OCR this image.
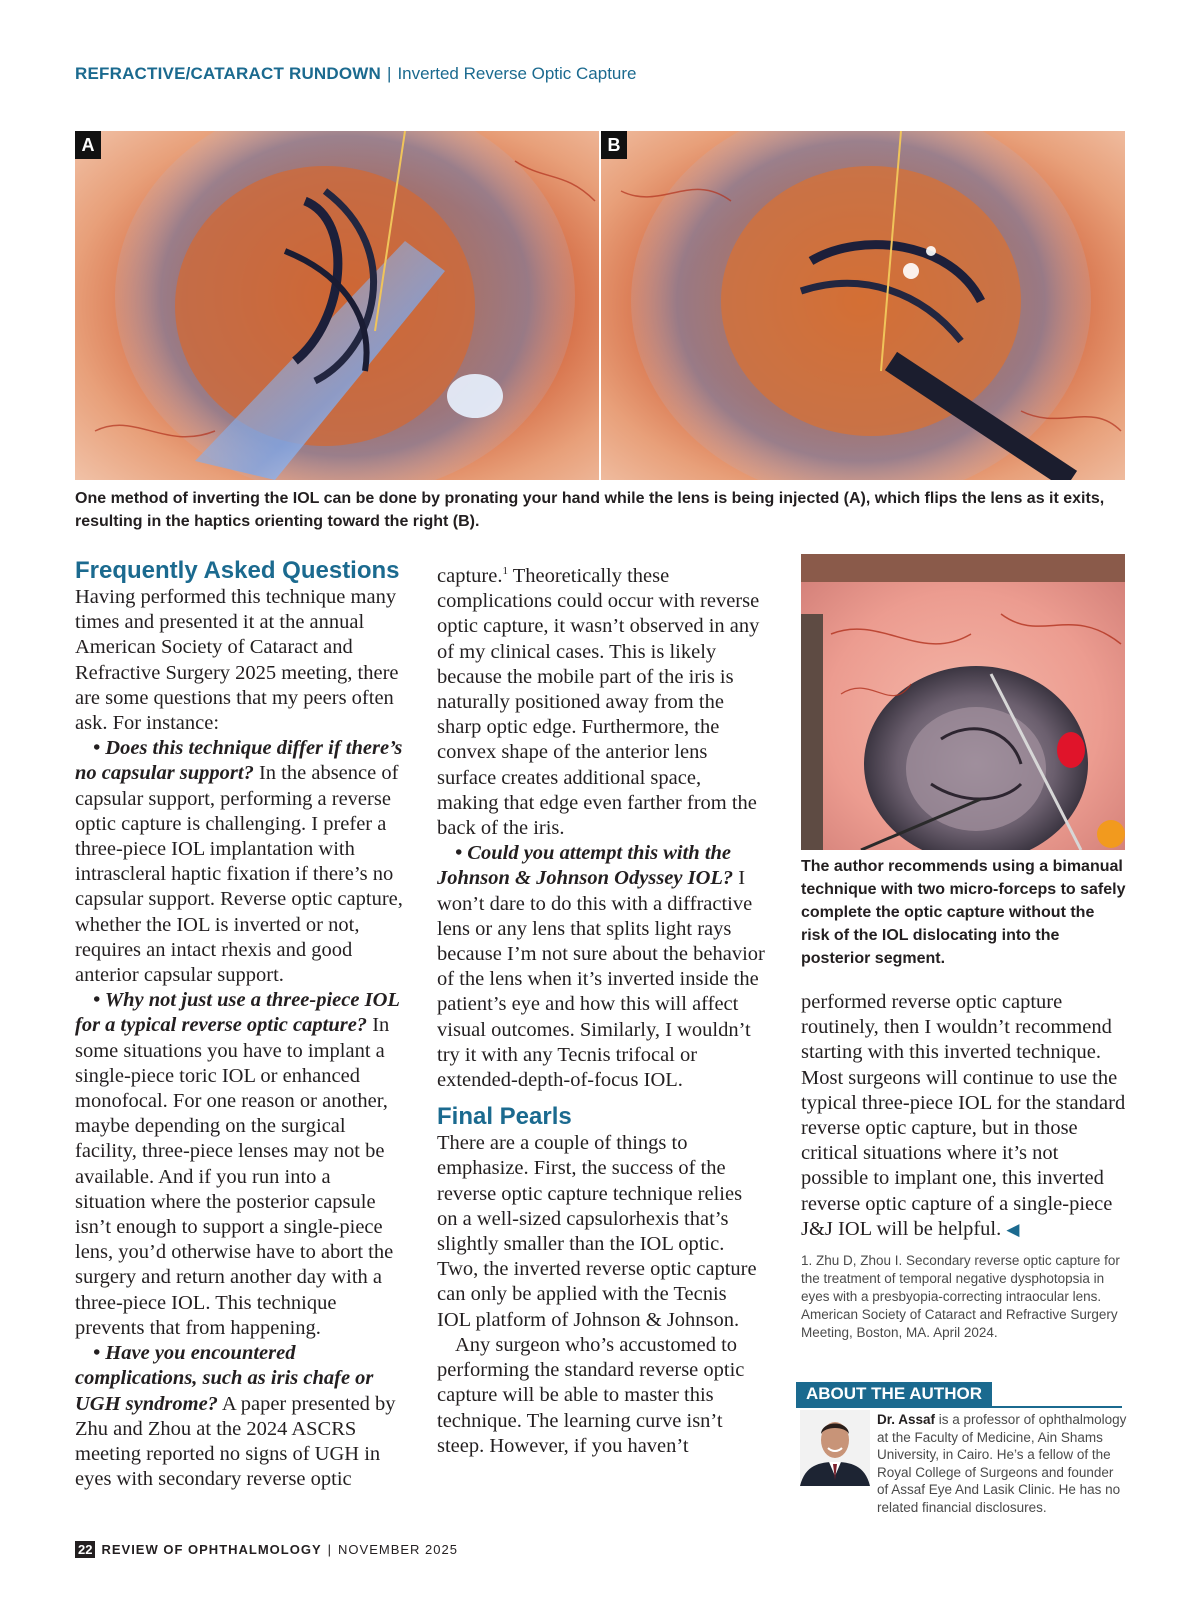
REFRACTIVE/CATARACT RUNDOWN | Inverted Reverse Optic Capture
A	B
One method of inverting the IOL can be done by pronating your hand while the lens is being injected (A), which flips the lens as it exits, resulting in the haptics orienting toward the right (B).
Frequently Asked Questions

Having performed this technique many times and presented it at the annual American Society of Cataract and Refractive Surgery 2025 meeting, there are some questions that my peers often ask. For instance:

• Does this technique differ if there’s no capsular support? In the absence of capsular support, performing a reverse optic capture is challenging. I prefer a three-piece IOL implantation with intrascleral haptic fixation if there’s no capsular support. Reverse optic capture, whether the IOL is inverted or not, requires an intact rhexis and good anterior capsular support.

• Why not just use a three-piece IOL for a typical reverse optic capture? In some situations you have to implant a single-piece toric IOL or enhanced monofocal. For one reason or another, maybe depending on the surgical facility, three-piece lenses may not be available. And if you run into a situation where the posterior capsule isn’t enough to support a single-piece lens, you’d otherwise have to abort the surgery and return another day with a three-piece IOL. This technique prevents that from happening.

• Have you encountered complications, such as iris chafe or UGH syndrome? A paper presented by Zhu and Zhou at the 2024 ASCRS meeting reported no signs of UGH in eyes with secondary reverse optic

capture.$^1$ Theoretically these complications could occur with reverse optic capture, it wasn’t observed in any of my clinical cases. This is likely because the mobile part of the iris is naturally positioned away from the sharp optic edge. Furthermore, the convex shape of the anterior lens surface creates additional space, making that edge even farther from the back of the iris.

• Could you attempt this with the Johnson & Johnson Odyssey IOL? I won’t dare to do this with a diffractive lens or any lens that splits light rays because I’m not sure about the behavior of the lens when it’s inverted inside the patient’s eye and how this will affect visual outcomes. Similarly, I wouldn’t try it with any Tecnis trifocal or extended-depth-of-focus IOL.

Final Pearls

There are a couple of things to emphasize. First, the success of the reverse optic capture technique relies on a well-sized capsulorhexis that’s slightly smaller than the IOL optic. Two, the inverted reverse optic capture can only be applied with the Tecnis IOL platform of Johnson & Johnson.

Any surgeon who’s accustomed to performing the standard reverse optic capture will be able to master this technique. The learning curve isn’t steep. However, if you haven’t

The author recommends using a bimanual technique with two micro-forceps to safely complete the optic capture without the risk of the IOL dislocating into the posterior segment.

performed reverse optic capture routinely, then I wouldn’t recommend starting with this inverted technique. Most surgeons will continue to use the typical three-piece IOL for the standard reverse optic capture, but in those critical situations where it’s not possible to implant one, this inverted reverse optic capture of a single-piece J&J IOL will be helpful. ◀

1. Zhu D, Zhou I. Secondary reverse optic capture for the treatment of temporal negative dysphotopsia in eyes with a presbyopia-correcting intraocular lens. American Society of Cataract and Refractive Surgery Meeting, Boston, MA. April 2024.
ABOUT THE AUTHOR
Dr. Assaf is a professor of ophthalmology at the Faculty of Medicine, Ain Shams University, in Cairo. He’s a fellow of the Royal College of Surgeons and founder of Assaf Eye And Lasik Clinic. He has no related financial disclosures.
22 REVIEW OF OPHTHALMOLOGY | NOVEMBER 2025
